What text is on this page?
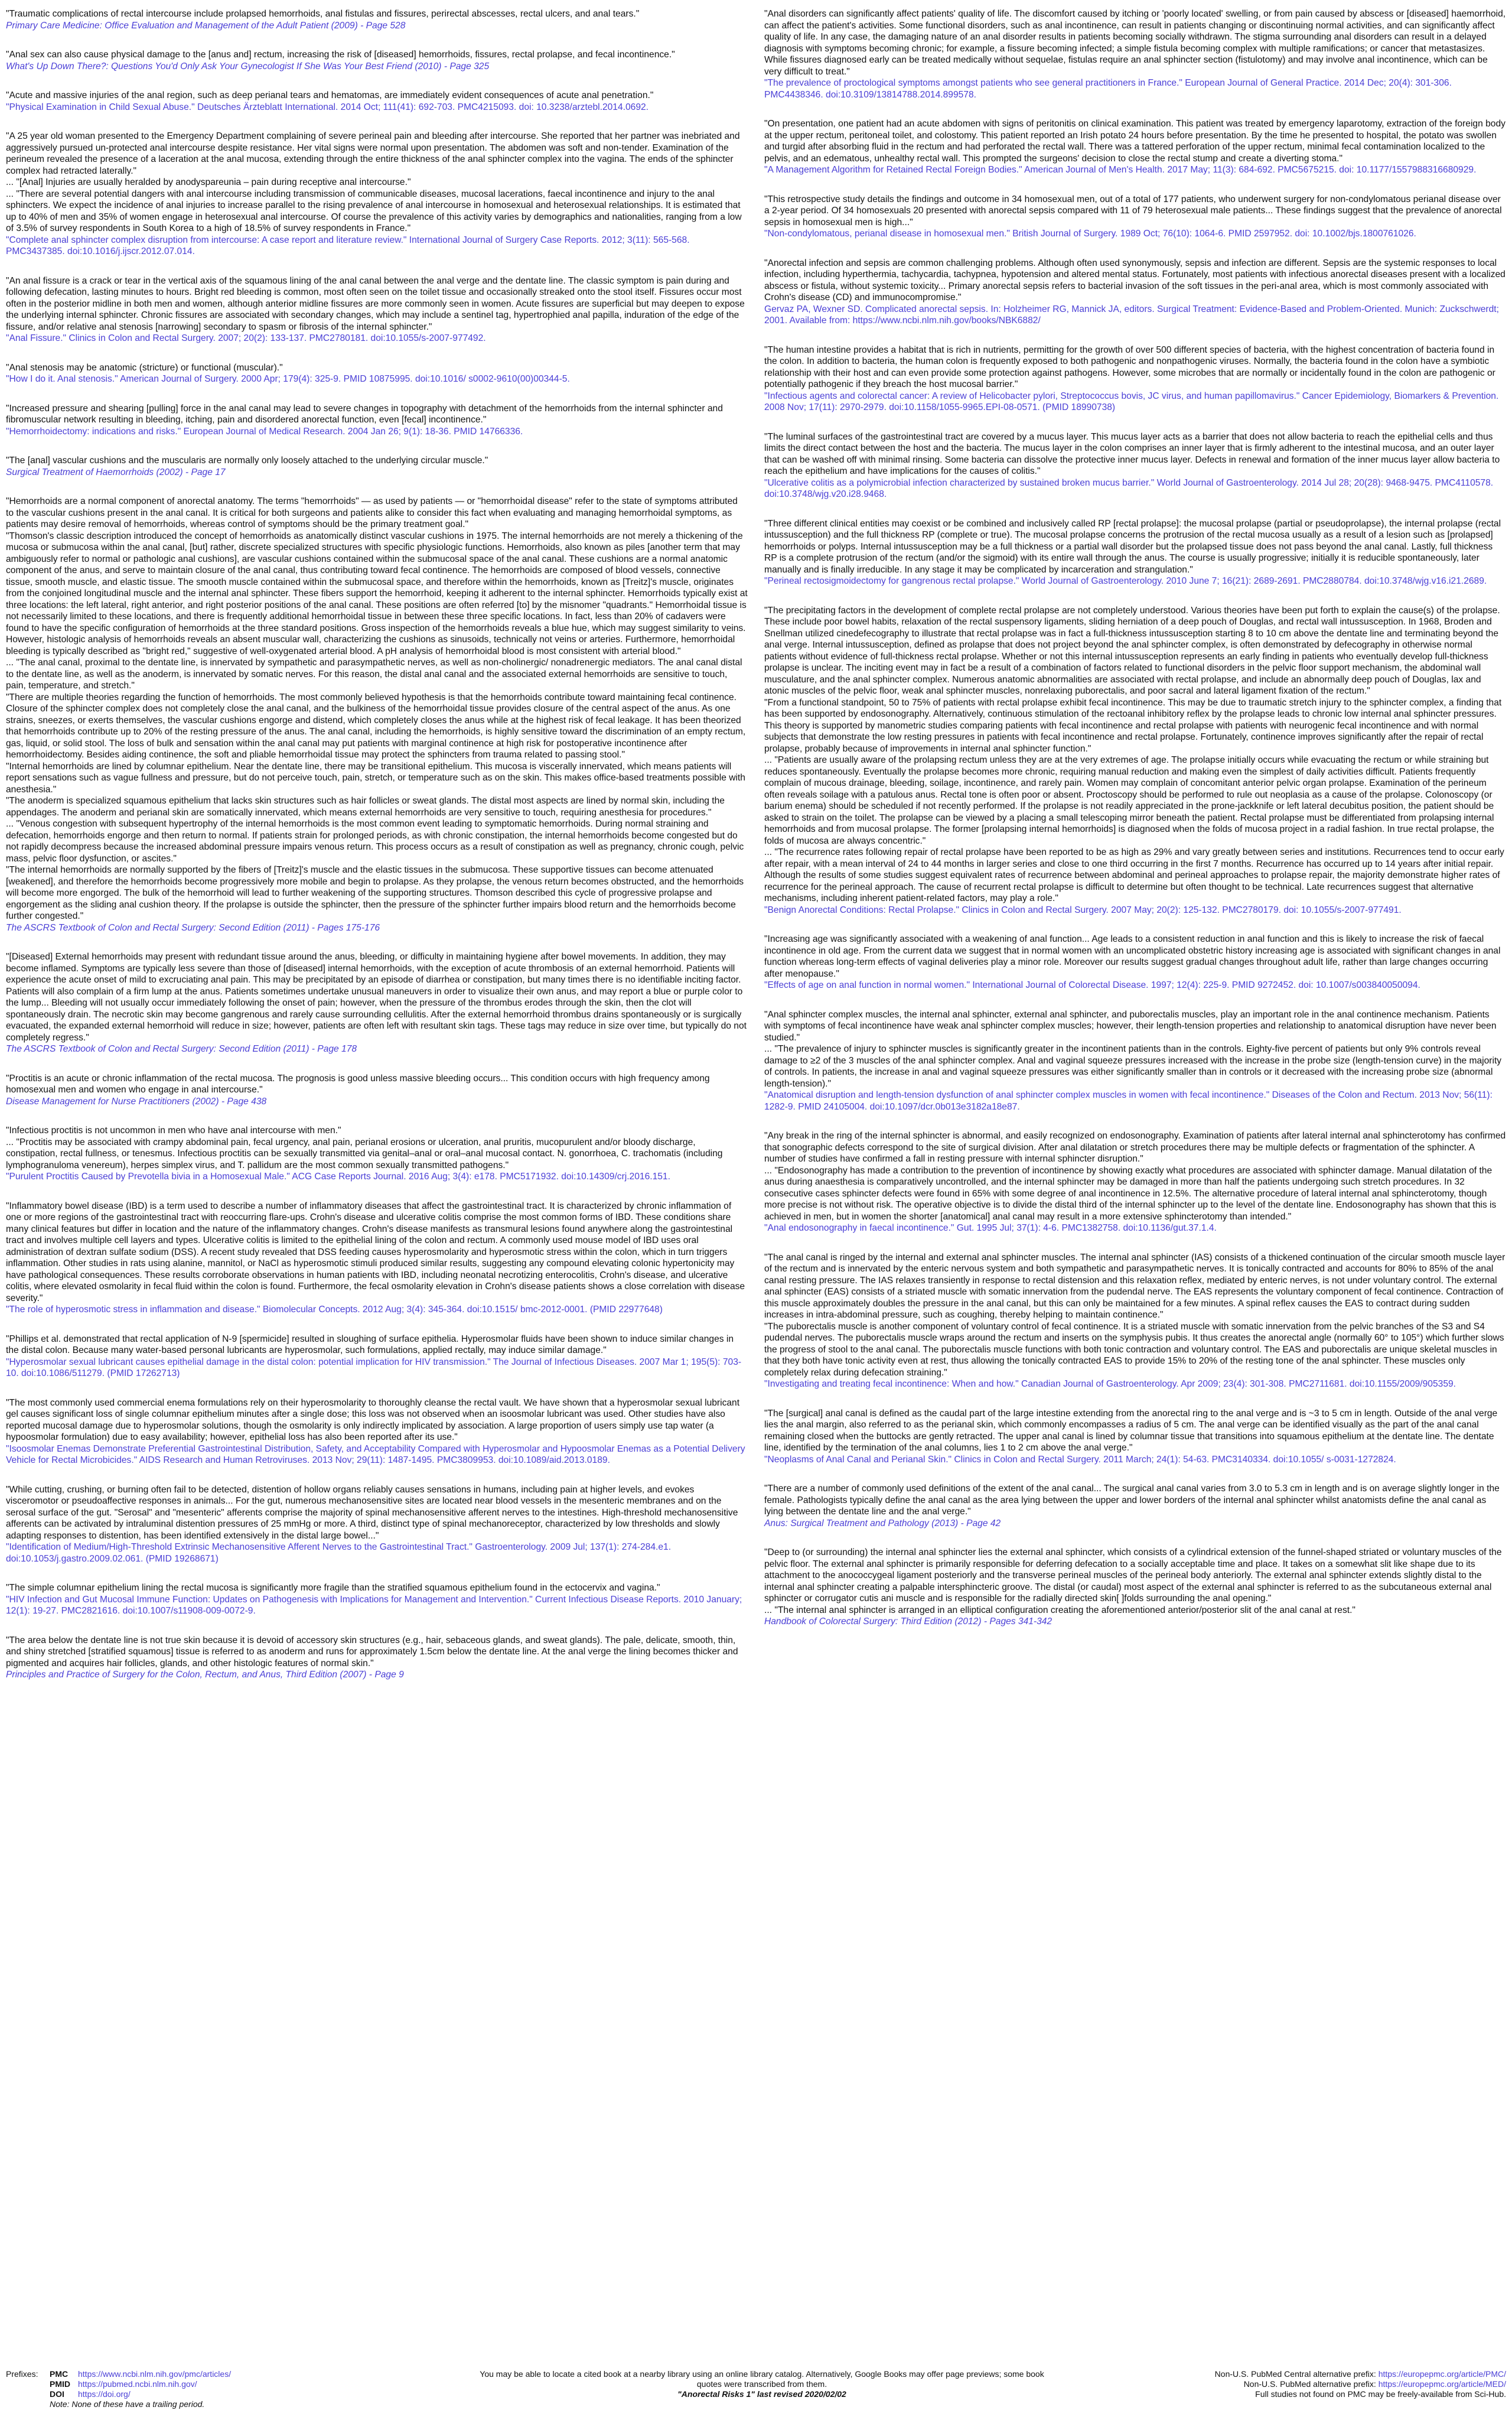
"Traumatic complications of rectal intercourse include prolapsed hemorrhoids, anal fistulas and fissures, perirectal abscesses, rectal ulcers, and anal tears."
Primary Care Medicine: Office Evaluation and Management of the Adult Patient (2009) - Page 528
"Anal sex can also cause physical damage to the [anus and] rectum, increasing the risk of [diseased] hemorrhoids, fissures, rectal prolapse, and fecal incontinence."
What's Up Down There?: Questions You'd Only Ask Your Gynecologist If She Was Your Best Friend (2010) - Page 325
"Acute and massive injuries of the anal region, such as deep perianal tears and hematomas, are immediately evident consequences of acute anal penetration."
"Physical Examination in Child Sexual Abuse." Deutsches Ärzteblatt International. 2014 Oct; 111(41): 692-703. PMC4215093. doi: 10.3238/arztebl.2014.0692.
"A 25 year old woman presented to the Emergency Department complaining of severe perineal pain and bleeding after intercourse. She reported that her partner was inebriated and aggressively pursued un-protected anal intercourse despite resistance. Her vital signs were normal upon presentation. The abdomen was soft and non-tender. Examination of the perineum revealed the presence of a laceration at the anal mucosa, extending through the entire thickness of the anal sphincter complex into the vagina. The ends of the sphincter complex had retracted laterally."
... "[Anal] Injuries are usually heralded by anodyspareunia – pain during receptive anal intercourse."
... "There are several potential dangers with anal intercourse including transmission of communicable diseases, mucosal lacerations, faecal incontinence and injury to the anal sphincters. We expect the incidence of anal injuries to increase parallel to the rising prevalence of anal intercourse in homosexual and heterosexual relationships. It is estimated that up to 40% of men and 35% of women engage in heterosexual anal intercourse. Of course the prevalence of this activity varies by demographics and nationalities, ranging from a low of 3.5% of survey respondents in South Korea to a high of 18.5% of survey respondents in France."
"Complete anal sphincter complex disruption from intercourse: A case report and literature review." International Journal of Surgery Case Reports. 2012; 3(11): 565-568. PMC3437385. doi:10.1016/j.ijscr.2012.07.014.
"An anal fissure is a crack or tear in the vertical axis of the squamous lining of the anal canal between the anal verge and the dentate line. The classic symptom is pain during and following defecation, lasting minutes to hours. Bright red bleeding is common, most often seen on the toilet tissue and occasionally streaked onto the stool itself. Fissures occur most often in the posterior midline in both men and women, although anterior midline fissures are more commonly seen in women. Acute fissures are superficial but may deepen to expose the underlying internal sphincter. Chronic fissures are associated with secondary changes, which may include a sentinel tag, hypertrophied anal papilla, induration of the edge of the fissure, and/or relative anal stenosis [narrowing] secondary to spasm or fibrosis of the internal sphincter."
"Anal Fissure." Clinics in Colon and Rectal Surgery. 2007; 20(2): 133-137. PMC2780181. doi:10.1055/s-2007-977492.
"Anal stenosis may be anatomic (stricture) or functional (muscular)."
"How I do it. Anal stenosis." American Journal of Surgery. 2000 Apr; 179(4): 325-9. PMID 10875995. doi:10.1016/ s0002-9610(00)00344-5.
"Increased pressure and shearing [pulling] force in the anal canal may lead to severe changes in topography with detachment of the hemorrhoids from the internal sphincter and fibromuscular network resulting in bleeding, itching, pain and disordered anorectal function, even [fecal] incontinence."
"Hemorrhoidectomy: indications and risks." European Journal of Medical Research. 2004 Jan 26; 9(1): 18-36. PMID 14766336.
"The [anal] vascular cushions and the muscularis are normally only loosely attached to the underlying circular muscle."
Surgical Treatment of Haemorrhoids (2002) - Page 17
"Hemorrhoids are a normal component of anorectal anatomy. The terms "hemorrhoids" — as used by patients — or "hemorrhoidal disease" refer to the state of symptoms attributed to the vascular cushions present in the anal canal. It is critical for both surgeons and patients alike to consider this fact when evaluating and managing hemorrhoidal symptoms, as patients may desire removal of hemorrhoids, whereas control of symptoms should be the primary treatment goal."
"Thomson's classic description introduced the concept of hemorrhoids as anatomically distinct vascular cushions in 1975. The internal hemorrhoids are not merely a thickening of the mucosa or submucosa within the anal canal, [but] rather, discrete specialized structures with specific physiologic functions. Hemorrhoids, also known as piles [another term that may ambiguously refer to normal or pathologic anal cushions], are vascular cushions contained within the submucosal space of the anal canal. These cushions are a normal anatomic component of the anus, and serve to maintain closure of the anal canal, thus contributing toward fecal continence. The hemorrhoids are composed of blood vessels, connective tissue, smooth muscle, and elastic tissue. The smooth muscle contained within the submucosal space, and therefore within the hemorrhoids, known as [Treitz]'s muscle, originates from the conjoined longitudinal muscle and the internal anal sphincter. These fibers support the hemorrhoid, keeping it adherent to the internal sphincter. Hemorrhoids typically exist at three locations: the left lateral, right anterior, and right posterior positions of the anal canal. These positions are often referred [to] by the misnomer "quadrants." Hemorrhoidal tissue is not necessarily limited to these locations, and there is frequently additional hemorrhoidal tissue in between these three specific locations. In fact, less than 20% of cadavers were found to have the specific configuration of hemorrhoids at the three standard positions. Gross inspection of the hemorrhoids reveals a blue hue, which may suggest similarity to veins. However, histologic analysis of hemorrhoids reveals an absent muscular wall, characterizing the cushions as sinusoids, technically not veins or arteries. Furthermore, hemorrhoidal bleeding is typically described as "bright red," suggestive of well-oxygenated arterial blood. A pH analysis of hemorrhoidal blood is most consistent with arterial blood."
... "The anal canal, proximal to the dentate line, is innervated by sympathetic and parasympathetic nerves, as well as non-cholinergic/ nonadrenergic mediators. The anal canal distal to the dentate line, as well as the anoderm, is innervated by somatic nerves. For this reason, the distal anal canal and the associated external hemorrhoids are sensitive to touch, pain, temperature, and stretch."
"There are multiple theories regarding the function of hemorrhoids. The most commonly believed hypothesis is that the hemorrhoids contribute toward maintaining fecal continence. Closure of the sphincter complex does not completely close the anal canal, and the bulkiness of the hemorrhoidal tissue provides closure of the central aspect of the anus. As one strains, sneezes, or exerts themselves, the vascular cushions engorge and distend, which completely closes the anus while at the highest risk of fecal leakage. It has been theorized that hemorrhoids contribute up to 20% of the resting pressure of the anus. The anal canal, including the hemorrhoids, is highly sensitive toward the discrimination of an empty rectum, gas, liquid, or solid stool. The loss of bulk and sensation within the anal canal may put patients with marginal continence at high risk for postoperative incontinence after hemorrhoidectomy. Besides aiding continence, the soft and pliable hemorrhoidal tissue may protect the sphincters from trauma related to passing stool."
"Internal hemorrhoids are lined by columnar epithelium. Near the dentate line, there may be transitional epithelium. This mucosa is viscerally innervated, which means patients will report sensations such as vague fullness and pressure, but do not perceive touch, pain, stretch, or temperature such as on the skin. This makes office-based treatments possible with anesthesia."
"The anoderm is specialized squamous epithelium that lacks skin structures such as hair follicles or sweat glands. The distal most aspects are lined by normal skin, including the appendages. The anoderm and perianal skin are somatically innervated, which means external hemorrhoids are very sensitive to touch, requiring anesthesia for procedures."
... "Venous congestion with subsequent hypertrophy of the internal hemorrhoids is the most common event leading to symptomatic hemorrhoids. During normal straining and defecation, hemorrhoids engorge and then return to normal. If patients strain for prolonged periods, as with chronic constipation, the internal hemorrhoids become congested but do not rapidly decompress because the increased abdominal pressure impairs venous return. This process occurs as a result of constipation as well as pregnancy, chronic cough, pelvic mass, pelvic floor dysfunction, or ascites."
"The internal hemorrhoids are normally supported by the fibers of [Treitz]'s muscle and the elastic tissues in the submucosa. These supportive tissues can become attenuated [weakened], and therefore the hemorrhoids become progressively more mobile and begin to prolapse. As they prolapse, the venous return becomes obstructed, and the hemorrhoids will become more engorged. The bulk of the hemorrhoid will lead to further weakening of the supporting structures. Thomson described this cycle of progressive prolapse and engorgement as the sliding anal cushion theory. If the prolapse is outside the sphincter, then the pressure of the sphincter further impairs blood return and the hemorrhoids become further congested."
The ASCRS Textbook of Colon and Rectal Surgery: Second Edition (2011) - Pages 175-176
"[Diseased] External hemorrhoids may present with redundant tissue around the anus, bleeding, or difficulty in maintaining hygiene after bowel movements. In addition, they may become inflamed. Symptoms are typically less severe than those of [diseased] internal hemorrhoids, with the exception of acute thrombosis of an external hemorrhoid. Patients will experience the acute onset of mild to excruciating anal pain. This may be precipitated by an episode of diarrhea or constipation, but many times there is no identifiable inciting factor. Patients will also complain of a firm lump at the anus. Patients sometimes undertake unusual maneuvers in order to visualize their own anus, and may report a blue or purple color to the lump... Bleeding will not usually occur immediately following the onset of pain; however, when the pressure of the thrombus erodes through the skin, then the clot will spontaneously drain. The necrotic skin may become gangrenous and rarely cause surrounding cellulitis. After the external hemorrhoid thrombus drains spontaneously or is surgically evacuated, the expanded external hemorrhoid will reduce in size; however, patients are often left with resultant skin tags. These tags may reduce in size over time, but typically do not completely regress."
The ASCRS Textbook of Colon and Rectal Surgery: Second Edition (2011) - Page 178
"Proctitis is an acute or chronic inflammation of the rectal mucosa. The prognosis is good unless massive bleeding occurs... This condition occurs with high frequency among homosexual men and women who engage in anal intercourse."
Disease Management for Nurse Practitioners (2002) - Page 438
"Infectious proctitis is not uncommon in men who have anal intercourse with men."
... "Proctitis may be associated with crampy abdominal pain, fecal urgency, anal pain, perianal erosions or ulceration, anal pruritis, mucopurulent and/or bloody discharge, constipation, rectal fullness, or tenesmus. Infectious proctitis can be sexually transmitted via genital–anal or oral–anal mucosal contact. N. gonorrhoea, C. trachomatis (including lymphogranuloma venereum), herpes simplex virus, and T. pallidum are the most common sexually transmitted pathogens."
"Purulent Proctitis Caused by Prevotella bivia in a Homosexual Male." ACG Case Reports Journal. 2016 Aug; 3(4): e178. PMC5171932. doi:10.14309/crj.2016.151.
"Inflammatory bowel disease (IBD) is a term used to describe a number of inflammatory diseases that affect the gastrointestinal tract. It is characterized by chronic inflammation of one or more regions of the gastrointestinal tract with reoccurring flare-ups. Crohn's disease and ulcerative colitis comprise the most common forms of IBD. These conditions share many clinical features but differ in location and the nature of the inflammatory changes. Crohn's disease manifests as transmural lesions found anywhere along the gastrointestinal tract and involves multiple cell layers and types. Ulcerative colitis is limited to the epithelial lining of the colon and rectum. A commonly used mouse model of IBD uses oral administration of dextran sulfate sodium (DSS). A recent study revealed that DSS feeding causes hyperosmolarity and hyperosmotic stress within the colon, which in turn triggers inflammation. Other studies in rats using alanine, mannitol, or NaCl as hyperosmotic stimuli produced similar results, suggesting any compound elevating colonic hypertonicity may have pathological consequences. These results corroborate observations in human patients with IBD, including neonatal necrotizing enterocolitis, Crohn's disease, and ulcerative colitis, where elevated osmolarity in fecal fluid within the colon is found. Furthermore, the fecal osmolarity elevation in Crohn's disease patients shows a close correlation with disease severity."
"The role of hyperosmotic stress in inflammation and disease." Biomolecular Concepts. 2012 Aug; 3(4): 345-364. doi:10.1515/ bmc-2012-0001. (PMID 22977648)
"Phillips et al. demonstrated that rectal application of N-9 [spermicide] resulted in sloughing of surface epithelia. Hyperosmolar fluids have been shown to induce similar changes in the distal colon. Because many water-based personal lubricants are hyperosmolar, such formulations, applied rectally, may induce similar damage."
"Hyperosmolar sexual lubricant causes epithelial damage in the distal colon: potential implication for HIV transmission." The Journal of Infectious Diseases. 2007 Mar 1; 195(5): 703-10. doi:10.1086/511279. (PMID 17262713)
"The most commonly used commercial enema formulations rely on their hyperosmolarity to thoroughly cleanse the rectal vault. We have shown that a hyperosmolar sexual lubricant gel causes significant loss of single columnar epithelium minutes after a single dose; this loss was not observed when an isoosmolar lubricant was used. Other studies have also reported mucosal damage due to hyperosmolar solutions, though the osmolarity is only indirectly implicated by association. A large proportion of users simply use tap water (a hypoosmolar formulation) due to easy availability; however, epithelial loss has also been reported after its use."
"Isoosmolar Enemas Demonstrate Preferential Gastrointestinal Distribution, Safety, and Acceptability Compared with Hyperosmolar and Hypoosmolar Enemas as a Potential Delivery Vehicle for Rectal Microbicides." AIDS Research and Human Retroviruses. 2013 Nov; 29(11): 1487-1495. PMC3809953. doi:10.1089/aid.2013.0189.
"While cutting, crushing, or burning often fail to be detected, distention of hollow organs reliably causes sensations in humans, including pain at higher levels, and evokes visceromotor or pseudoaffective responses in animals... For the gut, numerous mechanosensitive sites are located near blood vessels in the mesenteric membranes and on the serosal surface of the gut. "Serosal" and "mesenteric" afferents comprise the majority of spinal mechanosensitive afferent nerves to the intestines. High-threshold mechanosensitive afferents can be activated by intraluminal distention pressures of 25 mmHg or more. A third, distinct type of spinal mechanoreceptor, characterized by low thresholds and slowly adapting responses to distention, has been identified extensively in the distal large bowel..."
"Identification of Medium/High-Threshold Extrinsic Mechanosensitive Afferent Nerves to the Gastrointestinal Tract." Gastroenterology. 2009 Jul; 137(1): 274-284.e1. doi:10.1053/j.gastro.2009.02.061. (PMID 19268671)
"The simple columnar epithelium lining the rectal mucosa is significantly more fragile than the stratified squamous epithelium found in the ectocervix and vagina."
"HIV Infection and Gut Mucosal Immune Function: Updates on Pathogenesis with Implications for Management and Intervention." Current Infectious Disease Reports. 2010 January; 12(1): 19-27. PMC2821616. doi:10.1007/s11908-009-0072-9.
"The area below the dentate line is not true skin because it is devoid of accessory skin structures (e.g., hair, sebaceous glands, and sweat glands). The pale, delicate, smooth, thin, and shiny stretched [stratified squamous] tissue is referred to as anoderm and runs for approximately 1.5cm below the dentate line. At the anal verge the lining becomes thicker and pigmented and acquires hair follicles, glands, and other histologic features of normal skin."
Principles and Practice of Surgery for the Colon, Rectum, and Anus, Third Edition (2007) - Page 9
"Anal disorders can significantly affect patients' quality of life. The discomfort caused by itching or 'poorly located' swelling, or from pain caused by abscess or [diseased] haemorrhoid, can affect the patient's activities. Some functional disorders, such as anal incontinence, can result in patients changing or discontinuing normal activities, and can significantly affect quality of life. In any case, the damaging nature of an anal disorder results in patients becoming socially withdrawn. The stigma surrounding anal disorders can result in a delayed diagnosis with symptoms becoming chronic; for example, a fissure becoming infected; a simple fistula becoming complex with multiple ramifications; or cancer that metastasizes. While fissures diagnosed early can be treated medically without sequelae, fistulas require an anal sphincter section (fistulotomy) and may involve anal incontinence, which can be very difficult to treat."
"The prevalence of proctological symptoms amongst patients who see general practitioners in France." European Journal of General Practice. 2014 Dec; 20(4): 301-306. PMC4438346. doi:10.3109/13814788.2014.899578.
"On presentation, one patient had an acute abdomen with signs of peritonitis on clinical examination. This patient was treated by emergency laparotomy, extraction of the foreign body at the upper rectum, peritoneal toilet, and colostomy. This patient reported an Irish potato 24 hours before presentation. By the time he presented to hospital, the potato was swollen and turgid after absorbing fluid in the rectum and had perforated the rectal wall. There was a tattered perforation of the upper rectum, minimal fecal contamination localized to the pelvis, and an edematous, unhealthy rectal wall. This prompted the surgeons' decision to close the rectal stump and create a diverting stoma."
"A Management Algorithm for Retained Rectal Foreign Bodies." American Journal of Men's Health. 2017 May; 11(3): 684-692. PMC5675215. doi: 10.1177/1557988316680929.
"This retrospective study details the findings and outcome in 34 homosexual men, out of a total of 177 patients, who underwent surgery for non-condylomatous perianal disease over a 2-year period. Of 34 homosexuals 20 presented with anorectal sepsis compared with 11 of 79 heterosexual male patients... These findings suggest that the prevalence of anorectal sepsis in homosexual men is high..."
"Non-condylomatous, perianal disease in homosexual men." British Journal of Surgery. 1989 Oct; 76(10): 1064-6. PMID 2597952. doi: 10.1002/bjs.1800761026.
"Anorectal infection and sepsis are common challenging problems. Although often used synonymously, sepsis and infection are different. Sepsis are the systemic responses to local infection, including hyperthermia, tachycardia, tachypnea, hypotension and altered mental status. Fortunately, most patients with infectious anorectal diseases present with a localized abscess or fistula, without systemic toxicity... Primary anorectal sepsis refers to bacterial invasion of the soft tissues in the peri-anal area, which is most commonly associated with Crohn's disease (CD) and immunocompromise."
Gervaz PA, Wexner SD. Complicated anorectal sepsis. In: Holzheimer RG, Mannick JA, editors. Surgical Treatment: Evidence-Based and Problem-Oriented. Munich: Zuckschwerdt; 2001. Available from: https://www.ncbi.nlm.nih.gov/books/NBK6882/
"The human intestine provides a habitat that is rich in nutrients, permitting for the growth of over 500 different species of bacteria, with the highest concentration of bacteria found in the colon. In addition to bacteria, the human colon is frequently exposed to both pathogenic and nonpathogenic viruses. Normally, the bacteria found in the colon have a symbiotic relationship with their host and can even provide some protection against pathogens. However, some microbes that are normally or incidentally found in the colon are pathogenic or potentially pathogenic if they breach the host mucosal barrier."
"Infectious agents and colorectal cancer: A review of Helicobacter pylori, Streptococcus bovis, JC virus, and human papillomavirus." Cancer Epidemiology, Biomarkers & Prevention. 2008 Nov; 17(11): 2970-2979. doi:10.1158/1055-9965.EPI-08-0571. (PMID 18990738)
"The luminal surfaces of the gastrointestinal tract are covered by a mucus layer. This mucus layer acts as a barrier that does not allow bacteria to reach the epithelial cells and thus limits the direct contact between the host and the bacteria. The mucus layer in the colon comprises an inner layer that is firmly adherent to the intestinal mucosa, and an outer layer that can be washed off with minimal rinsing. Some bacteria can dissolve the protective inner mucus layer. Defects in renewal and formation of the inner mucus layer allow bacteria to reach the epithelium and have implications for the causes of colitis."
"Ulcerative colitis as a polymicrobial infection characterized by sustained broken mucus barrier." World Journal of Gastroenterology. 2014 Jul 28; 20(28): 9468-9475. PMC4110578. doi:10.3748/wjg.v20.i28.9468.
"Three different clinical entities may coexist or be combined and inclusively called RP [rectal prolapse]: the mucosal prolapse (partial or pseudoprolapse), the internal prolapse (rectal intussusception) and the full thickness RP (complete or true). The mucosal prolapse concerns the protrusion of the rectal mucosa usually as a result of a lesion such as [prolapsed] hemorrhoids or polyps. Internal intussusception may be a full thickness or a partial wall disorder but the prolapsed tissue does not pass beyond the anal canal. Lastly, full thickness RP is a complete protrusion of the rectum (and/or the sigmoid) with its entire wall through the anus. The course is usually progressive; initially it is reducible spontaneously, later manually and is finally irreducible. In any stage it may be complicated by incarceration and strangulation."
"Perineal rectosigmoidectomy for gangrenous rectal prolapse." World Journal of Gastroenterology. 2010 June 7; 16(21): 2689-2691. PMC2880784. doi:10.3748/wjg.v16.i21.2689.
"The precipitating factors in the development of complete rectal prolapse are not completely understood. Various theories have been put forth to explain the cause(s) of the prolapse. These include poor bowel habits, relaxation of the rectal suspensory ligaments, sliding herniation of a deep pouch of Douglas, and rectal wall intussusception. In 1968, Broden and Snellman utilized cinedefecography to illustrate that rectal prolapse was in fact a full-thickness intussusception starting 8 to 10 cm above the dentate line and terminating beyond the anal verge. Internal intussusception, defined as prolapse that does not project beyond the anal sphincter complex, is often demonstrated by defecography in otherwise normal patients without evidence of full-thickness rectal prolapse. Whether or not this internal intussusception represents an early finding in patients who eventually develop full-thickness prolapse is unclear. The inciting event may in fact be a result of a combination of factors related to functional disorders in the pelvic floor support mechanism, the abdominal wall musculature, and the anal sphincter complex. Numerous anatomic abnormalities are associated with rectal prolapse, and include an abnormally deep pouch of Douglas, lax and atonic muscles of the pelvic floor, weak anal sphincter muscles, nonrelaxing puborectalis, and poor sacral and lateral ligament fixation of the rectum."
"From a functional standpoint, 50 to 75% of patients with rectal prolapse exhibit fecal incontinence. This may be due to traumatic stretch injury to the sphincter complex, a finding that has been supported by endosonography. Alternatively, continuous stimulation of the rectoanal inhibitory reflex by the prolapse leads to chronic low internal anal sphincter pressures. This theory is supported by manometric studies comparing patients with fecal incontinence and rectal prolapse with patients with neurogenic fecal incontinence and with normal subjects that demonstrate the low resting pressures in patients with fecal incontinence and rectal prolapse. Fortunately, continence improves significantly after the repair of rectal prolapse, probably because of improvements in internal anal sphincter function."
... "Patients are usually aware of the prolapsing rectum unless they are at the very extremes of age. The prolapse initially occurs while evacuating the rectum or while straining but reduces spontaneously. Eventually the prolapse becomes more chronic, requiring manual reduction and making even the simplest of daily activities difficult. Patients frequently complain of mucous drainage, bleeding, soilage, incontinence, and rarely pain. Women may complain of concomitant anterior pelvic organ prolapse. Examination of the perineum often reveals soilage with a patulous anus. Rectal tone is often poor or absent. Proctoscopy should be performed to rule out neoplasia as a cause of the prolapse. Colonoscopy (or barium enema) should be scheduled if not recently performed. If the prolapse is not readily appreciated in the prone-jackknife or left lateral decubitus position, the patient should be asked to strain on the toilet. The prolapse can be viewed by a placing a small telescoping mirror beneath the patient. Rectal prolapse must be differentiated from prolapsing internal hemorrhoids and from mucosal prolapse. The former [prolapsing internal hemorrhoids] is diagnosed when the folds of mucosa project in a radial fashion. In true rectal prolapse, the folds of mucosa are always concentric."
... "The recurrence rates following repair of rectal prolapse have been reported to be as high as 29% and vary greatly between series and institutions. Recurrences tend to occur early after repair, with a mean interval of 24 to 44 months in larger series and close to one third occurring in the first 7 months. Recurrence has occurred up to 14 years after initial repair. Although the results of some studies suggest equivalent rates of recurrence between abdominal and perineal approaches to prolapse repair, the majority demonstrate higher rates of recurrence for the perineal approach. The cause of recurrent rectal prolapse is difficult to determine but often thought to be technical. Late recurrences suggest that alternative mechanisms, including inherent patient-related factors, may play a role."
"Benign Anorectal Conditions: Rectal Prolapse." Clinics in Colon and Rectal Surgery. 2007 May; 20(2): 125-132. PMC2780179. doi: 10.1055/s-2007-977491.
"Increasing age was significantly associated with a weakening of anal function... Age leads to a consistent reduction in anal function and this is likely to increase the risk of faecal incontinence in old age. From the current data we suggest that in normal women with an uncomplicated obstetric history increasing age is associated with significant changes in anal function whereas long-term effects of vaginal deliveries play a minor role. Moreover our results suggest gradual changes throughout adult life, rather than large changes occurring after menopause."
"Effects of age on anal function in normal women." International Journal of Colorectal Disease. 1997; 12(4): 225-9. PMID 9272452. doi: 10.1007/s003840050094.
"Anal sphincter complex muscles, the internal anal sphincter, external anal sphincter, and puborectalis muscles, play an important role in the anal continence mechanism. Patients with symptoms of fecal incontinence have weak anal sphincter complex muscles; however, their length-tension properties and relationship to anatomical disruption have never been studied."
... "The prevalence of injury to sphincter muscles is significantly greater in the incontinent patients than in the controls. Eighty-five percent of patients but only 9% controls reveal damage to ≥2 of the 3 muscles of the anal sphincter complex. Anal and vaginal squeeze pressures increased with the increase in the probe size (length-tension curve) in the majority of controls. In patients, the increase in anal and vaginal squeeze pressures was either significantly smaller than in controls or it decreased with the increasing probe size (abnormal length-tension)."
"Anatomical disruption and length-tension dysfunction of anal sphincter complex muscles in women with fecal incontinence." Diseases of the Colon and Rectum. 2013 Nov; 56(11): 1282-9. PMID 24105004. doi:10.1097/dcr.0b013e3182a18e87.
"Any break in the ring of the internal sphincter is abnormal, and easily recognized on endosonography. Examination of patients after lateral internal anal sphincterotomy has confirmed that sonographic defects correspond to the site of surgical division. After anal dilatation or stretch procedures there may be multiple defects or fragmentation of the sphincter. A number of studies have confirmed a fall in resting pressure with internal sphincter disruption."
... "Endosonography has made a contribution to the prevention of incontinence by showing exactly what procedures are associated with sphincter damage. Manual dilatation of the anus during anaesthesia is comparatively uncontrolled, and the internal sphincter may be damaged in more than half the patients undergoing such stretch procedures. In 32 consecutive cases sphincter defects were found in 65% with some degree of anal incontinence in 12.5%. The alternative procedure of lateral internal anal sphincterotomy, though more precise is not without risk. The operative objective is to divide the distal third of the internal sphincter up to the level of the dentate line. Endosonography has shown that this is achieved in men, but in women the shorter [anatomical] anal canal may result in a more extensive sphincterotomy than intended."
"Anal endosonography in faecal incontinence." Gut. 1995 Jul; 37(1): 4-6. PMC1382758. doi:10.1136/gut.37.1.4.
"The anal canal is ringed by the internal and external anal sphincter muscles. The internal anal sphincter (IAS) consists of a thickened continuation of the circular smooth muscle layer of the rectum and is innervated by the enteric nervous system and both sympathetic and parasympathetic nerves. It is tonically contracted and accounts for 80% to 85% of the anal canal resting pressure. The IAS relaxes transiently in response to rectal distension and this relaxation reflex, mediated by enteric nerves, is not under voluntary control. The external anal sphincter (EAS) consists of a striated muscle with somatic innervation from the pudendal nerve. The EAS represents the voluntary component of fecal continence. Contraction of this muscle approximately doubles the pressure in the anal canal, but this can only be maintained for a few minutes. A spinal reflex causes the EAS to contract during sudden increases in intra-abdominal pressure, such as coughing, thereby helping to maintain continence."
"The puborectalis muscle is another component of voluntary control of fecal continence. It is a striated muscle with somatic innervation from the pelvic branches of the S3 and S4 pudendal nerves. The puborectalis muscle wraps around the rectum and inserts on the symphysis pubis. It thus creates the anorectal angle (normally 60° to 105°) which further slows the progress of stool to the anal canal. The puborectalis muscle functions with both tonic contraction and voluntary control. The EAS and puborectalis are unique skeletal muscles in that they both have tonic activity even at rest, thus allowing the tonically contracted EAS to provide 15% to 20% of the resting tone of the anal sphincter. These muscles only completely relax during defecation straining."
"Investigating and treating fecal incontinence: When and how." Canadian Journal of Gastroenterology. Apr 2009; 23(4): 301-308. PMC2711681. doi:10.1155/2009/905359.
"The [surgical] anal canal is defined as the caudal part of the large intestine extending from the anorectal ring to the anal verge and is ~3 to 5 cm in length. Outside of the anal verge lies the anal margin, also referred to as the perianal skin, which commonly encompasses a radius of 5 cm. The anal verge can be identified visually as the part of the anal canal remaining closed when the buttocks are gently retracted. The upper anal canal is lined by columnar tissue that transitions into squamous epithelium at the dentate line. The dentate line, identified by the termination of the anal columns, lies 1 to 2 cm above the anal verge."
"Neoplasms of Anal Canal and Perianal Skin." Clinics in Colon and Rectal Surgery. 2011 March; 24(1): 54-63. PMC3140334. doi:10.1055/ s-0031-1272824.
"There are a number of commonly used definitions of the extent of the anal canal... The surgical anal canal varies from 3.0 to 5.3 cm in length and is on average slightly longer in the female. Pathologists typically define the anal canal as the area lying between the upper and lower borders of the internal anal sphincter whilst anatomists define the anal canal as lying between the dentate line and the anal verge."
Anus: Surgical Treatment and Pathology (2013) - Page 42
"Deep to (or surrounding) the internal anal sphincter lies the external anal sphincter, which consists of a cylindrical extension of the funnel-shaped striated or voluntary muscles of the pelvic floor. The external anal sphincter is primarily responsible for deferring defecation to a socially acceptable time and place. It takes on a somewhat slit like shape due to its attachment to the anococcygeal ligament posteriorly and the transverse perineal muscles of the perineal body anteriorly. The external anal sphincter extends slightly distal to the internal anal sphincter creating a palpable intersphincteric groove. The distal (or caudal) most aspect of the external anal sphincter is referred to as the subcutaneous external anal sphincter or corrugator cutis ani muscle and is responsible for the radially directed skin[ ]folds surrounding the anal opening."
... "The internal anal sphincter is arranged in an elliptical configuration creating the aforementioned anterior/posterior slit of the anal canal at rest."
Handbook of Colorectal Surgery: Third Edition (2012) - Pages 341-342
Prefixes: PMC https://www.ncbi.nlm.nih.gov/pmc/articles/
PMID https://pubmed.ncbi.nlm.nih.gov/
DOI https://doi.org/
Note: None of these have a trailing period.
You may be able to locate a cited book at a nearby library using an online library catalog. Alternatively, Google Books may offer page previews; some book
quotes were transcribed from them.
"Anorectal Risks 1" last revised 2020/02/02
Non-U.S. PubMed Central alternative prefix: https://europepmc.org/article/PMC/
Non-U.S. PubMed alternative prefix: https://europepmc.org/article/MED/
Full studies not found on PMC may be freely-available from Sci-Hub.
